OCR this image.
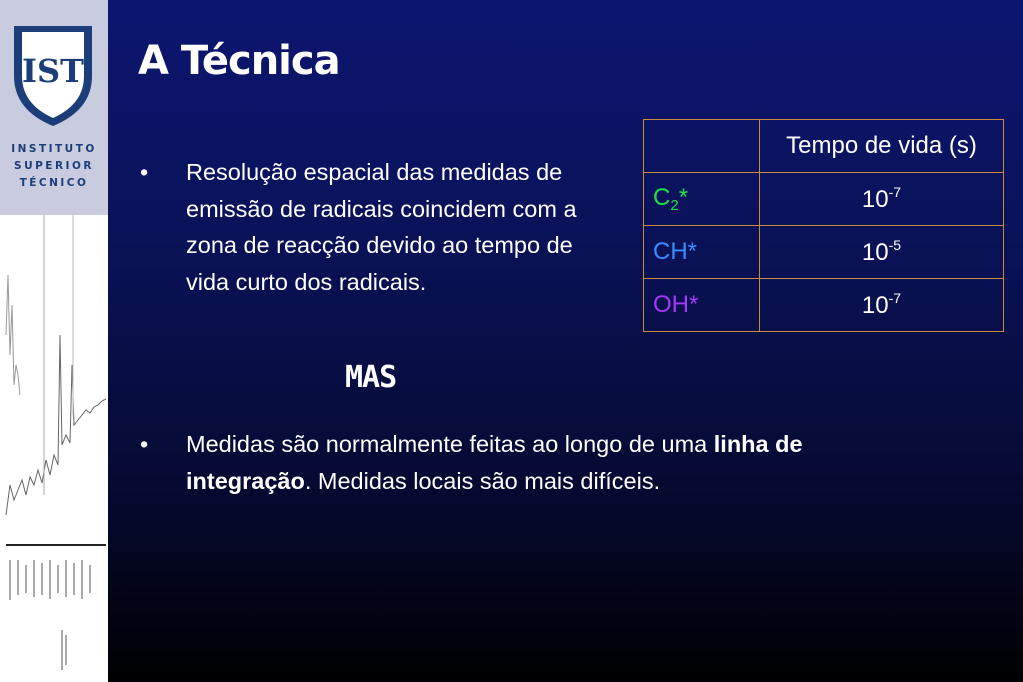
IST
INSTITUTO
SUPERIOR
TÉCNICO
A Técnica
• Resolução espacial das medidas de emissão de radicais coincidem com a zona de reacção devido ao tempo de vida curto dos radicais.
MAS
• Medidas são normalmente feitas ao longo de uma linha de integração. Medidas locais são mais difíceis.
	Tempo de vida (s)
$C_2*$	$10^{-7}$
CH*	$10^{-5}$
OH*	$10^{-7}$
